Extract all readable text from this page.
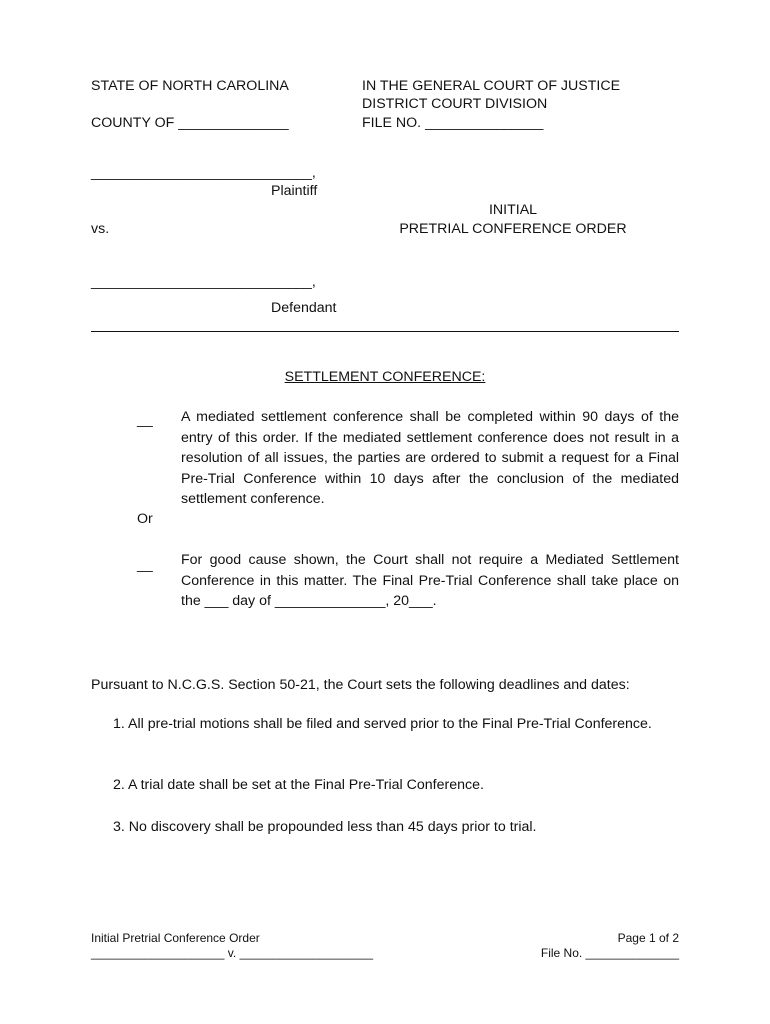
STATE OF NORTH CAROLINA
COUNTY OF ______________
IN THE GENERAL COURT OF JUSTICE
DISTRICT COURT DIVISION
FILE NO. _______________
____________________________,
Plaintiff
vs.
INITIAL
PRETRIAL CONFERENCE ORDER
____________________________,
Defendant
SETTLEMENT CONFERENCE:
__ A mediated settlement conference shall be completed within 90 days of the entry of this order. If the mediated settlement conference does not result in a resolution of all issues, the parties are ordered to submit a request for a Final Pre-Trial Conference within 10 days after the conclusion of the mediated settlement conference.
Or
__ For good cause shown, the Court shall not require a Mediated Settlement Conference in this matter. The Final Pre-Trial Conference shall take place on the ___ day of ______________, 20___.
Pursuant to N.C.G.S. Section 50-21, the Court sets the following deadlines and dates:
1. All pre-trial motions shall be filed and served prior to the Final Pre-Trial Conference.
2. A trial date shall be set at the Final Pre-Trial Conference.
3. No discovery shall be propounded less than 45 days prior to trial.
Initial Pretrial Conference Order
____________________ v. ____________________
Page 1 of 2
File No. ______________
